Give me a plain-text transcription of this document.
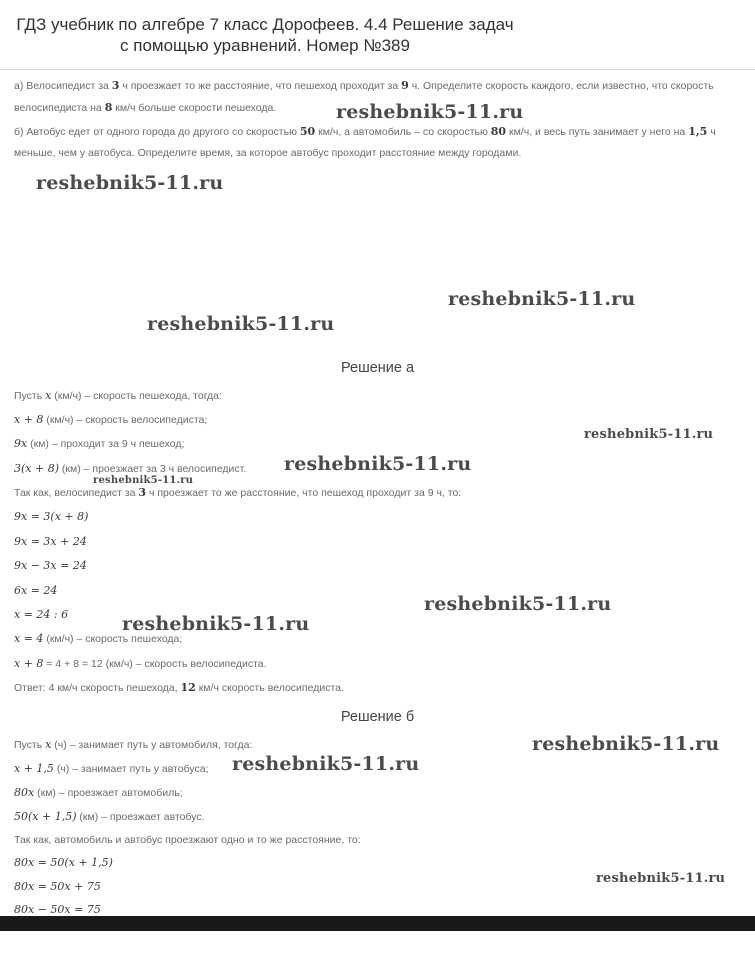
ГДЗ учебник по алгебре 7 класс Дорофеев. 4.4 Решение задач
с помощью уравнений. Номер №389
а) Велосипедист за 3 ч проезжает то же расстояние, что пешеход проходит за 9 ч. Определите скорость каждого, если известно, что скорость велосипедиста на 8 км/ч больше скорости пешехода.
б) Автобус едет от одного города до другого со скоростью 50 км/ч, а автомобиль – со скоростью 80 км/ч, и весь путь занимает у него на 1,5 ч меньше, чем у автобуса. Определите время, за которое автобус проходит расстояние между городами.
Решение а
Пусть x (км/ч) – скорость пешехода, тогда:
x + 8 (км/ч) – скорость велосипедиста;
9x (км) – проходит за 9 ч пешеход;
3(x + 8) (км) – проезжает за 3 ч велосипедист.
Так как, велосипедист за 3 ч проезжает то же расстояние, что пешеход проходит за 9 ч, то:
9x = 3(x + 8)
9x = 3x + 24
9x − 3x = 24
6x = 24
x = 24 : 6
x = 4 (км/ч) – скорость пешехода;
x + 8 = 4 + 8 = 12 (км/ч) – скорость велосипедиста.
Ответ: 4 км/ч скорость пешехода, 12 км/ч скорость велосипедиста.
Решение б
Пусть x (ч) – занимает путь у автомобиля, тогда:
x + 1,5 (ч) – занимает путь у автобуса;
80x (км) – проезжает автомобиль;
50(x + 1,5) (км) – проезжает автобус.
Так как, автомобиль и автобус проезжают одно и то же расстояние, то:
80x = 50(x + 1,5)
80x = 50x + 75
80x − 50x = 75
reshebnik5-11.ru
reshebnik5-11.ru
reshebnik5-11.ru
reshebnik5-11.ru
reshebnik5-11.ru
reshebnik5-11.ru
reshebnik5-11.ru
reshebnik5-11.ru
reshebnik5-11.ru
reshebnik5-11.ru
reshebnik5-11.ru
reshebnik5-11.ru
